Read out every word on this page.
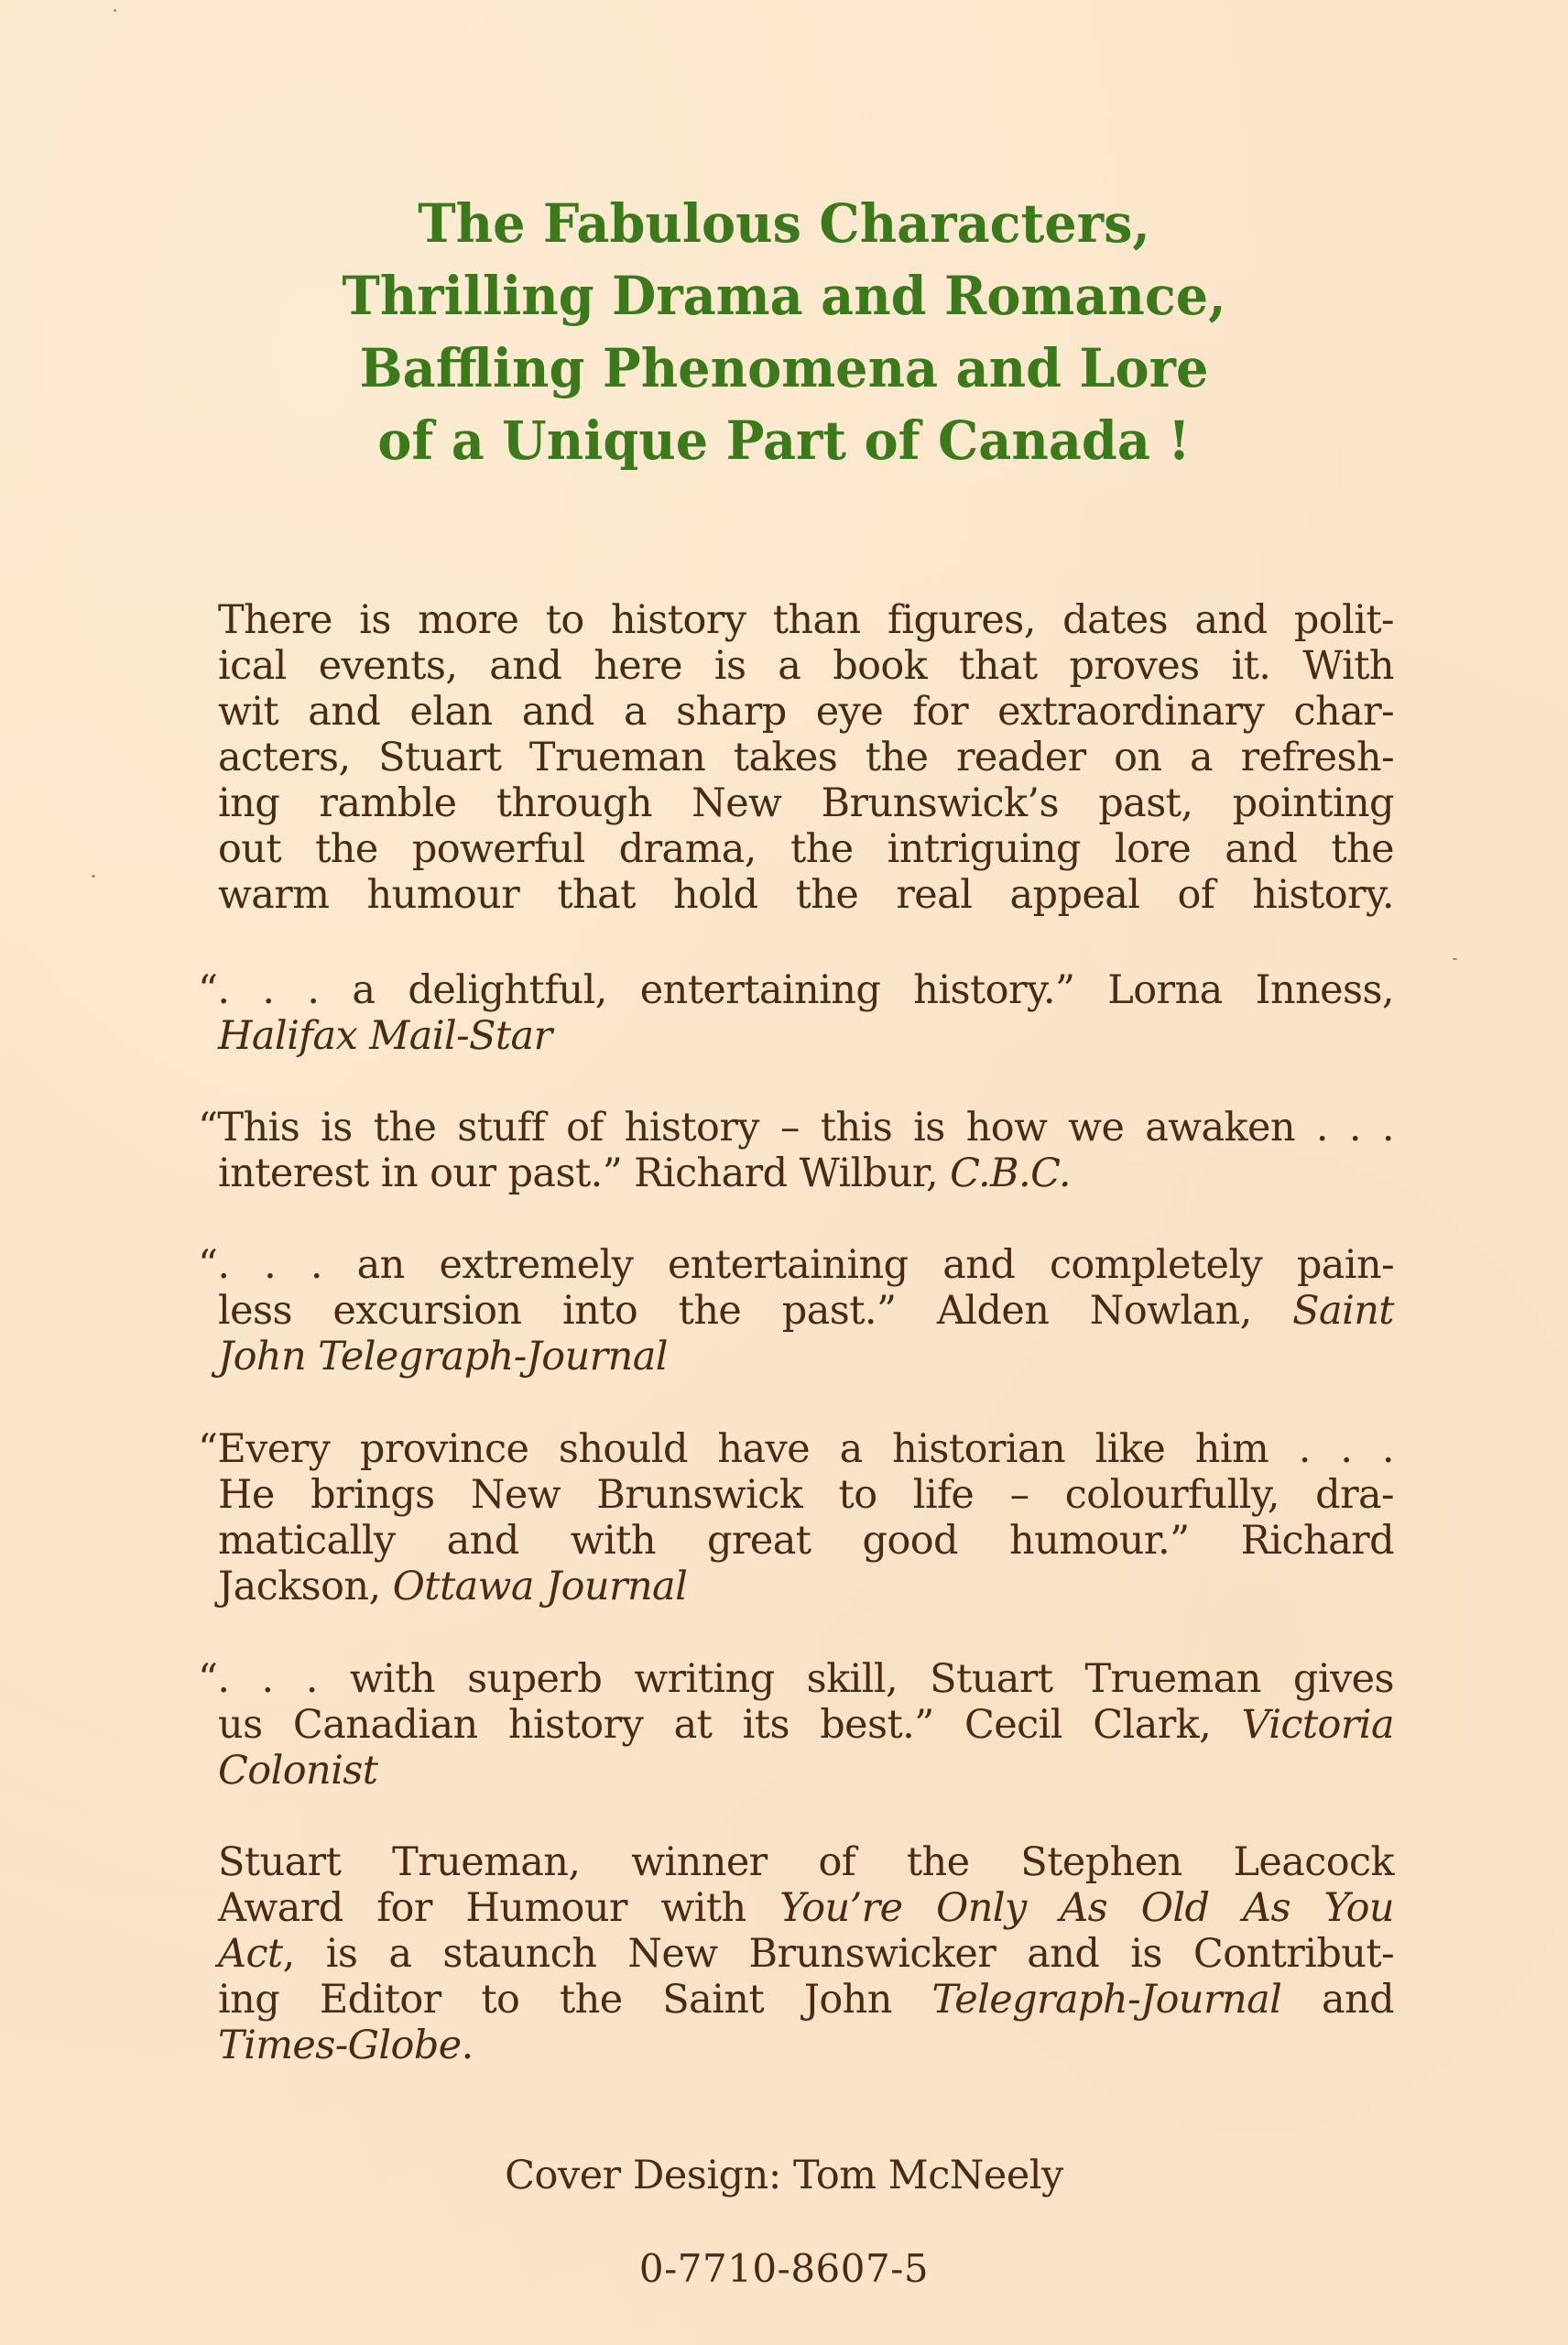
The Fabulous Characters,
Thrilling Drama and Romance,
Baffling Phenomena and Lore
of a Unique Part of Canada !
There is more to history than figures, dates and polit-
ical events, and here is a book that proves it. With
wit and elan and a sharp eye for extraordinary char-
acters, Stuart Trueman takes the reader on a refresh-
ing ramble through New Brunswick’s past, pointing
out the powerful drama, the intriguing lore and the
warm humour that hold the real appeal of history.
“. . . a delightful, entertaining history.” Lorna Inness,
Halifax Mail-Star
“This is the stuff of history – this is how we awaken . . .
interest in our past.” Richard Wilbur, C.B.C.
“. . . an extremely entertaining and completely pain-
less excursion into the past.” Alden Nowlan, Saint
John Telegraph-Journal
“Every province should have a historian like him . . .
He brings New Brunswick to life – colourfully, dra-
matically and with great good humour.” Richard
Jackson, Ottawa Journal
“. . . with superb writing skill, Stuart Trueman gives
us Canadian history at its best.” Cecil Clark, Victoria
Colonist
Stuart Trueman, winner of the Stephen Leacock
Award for Humour with You’re Only As Old As You
Act, is a staunch New Brunswicker and is Contribut-
ing Editor to the Saint John Telegraph-Journal and
Times-Globe.
Cover Design: Tom McNeely
0-7710-8607-5
